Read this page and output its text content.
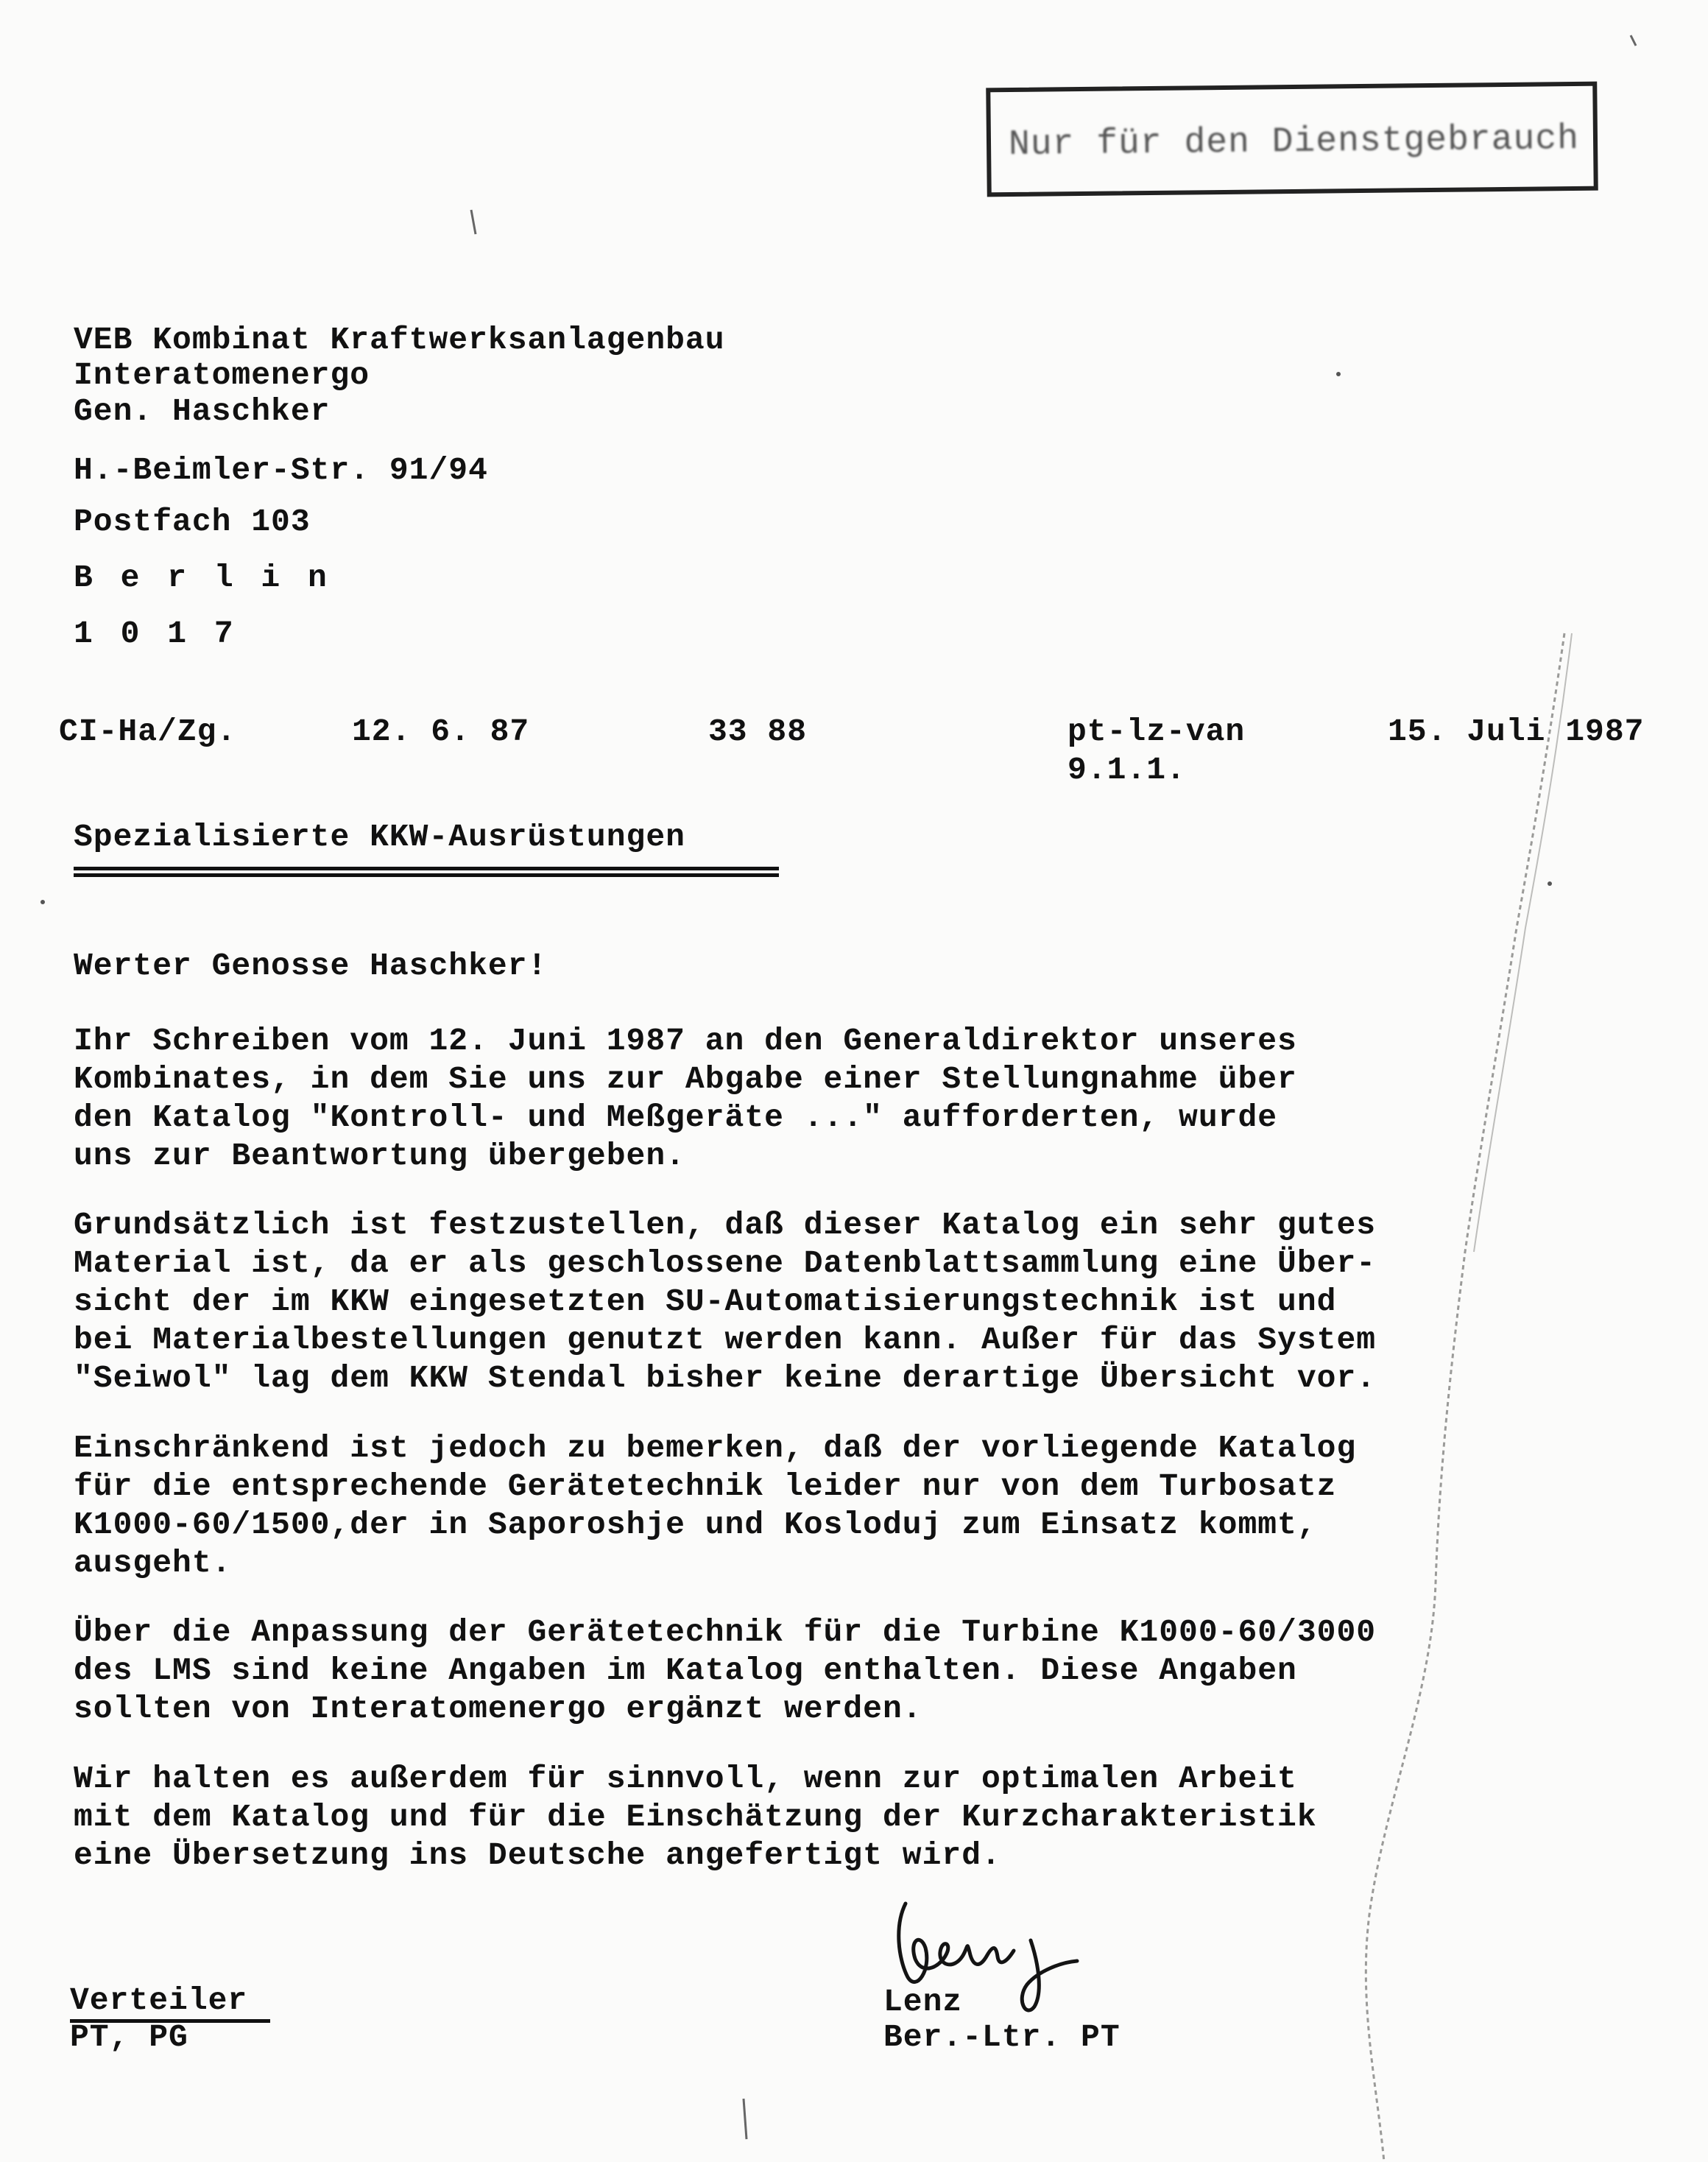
Nur für den Dienstgebrauch
VEB Kombinat Kraftwerksanlagenbau
Interatomenergo
Gen. Haschker
H.-Beimler-Str. 91/94
Postfach 103
B e r l i n
1 0 1 7
CI-Ha/Zg.	12. 6. 87	33 88	pt-lz-van
9.1.1.
15. Juli 1987
Spezialisierte KKW-Ausrüstungen
Werter Genosse Haschker!
Ihr Schreiben vom 12. Juni 1987 an den Generaldirektor unseres
Kombinates, in dem Sie uns zur Abgabe einer Stellungnahme über
den Katalog "Kontroll- und Meßgeräte ..." aufforderten, wurde
uns zur Beantwortung übergeben.
Grundsätzlich ist festzustellen, daß dieser Katalog ein sehr gutes
Material ist, da er als geschlossene Datenblattsammlung eine Über-
sicht der im KKW eingesetzten SU-Automatisierungstechnik ist und
bei Materialbestellungen genutzt werden kann. Außer für das System
"Seiwol" lag dem KKW Stendal bisher keine derartige Übersicht vor.
Einschränkend ist jedoch zu bemerken, daß der vorliegende Katalog
für die entsprechende Gerätetechnik leider nur von dem Turbosatz
K1000-60/1500,der in Saporoshje und Kosloduj zum Einsatz kommt,
ausgeht.
Über die Anpassung der Gerätetechnik für die Turbine K1000-60/3000
des LMS sind keine Angaben im Katalog enthalten. Diese Angaben
sollten von Interatomenergo ergänzt werden.
Wir halten es außerdem für sinnvoll, wenn zur optimalen Arbeit
mit dem Katalog und für die Einschätzung der Kurzcharakteristik
eine Übersetzung ins Deutsche angefertigt wird.
Verteiler
PT, PG
Lenz
Ber.-Ltr. PT
